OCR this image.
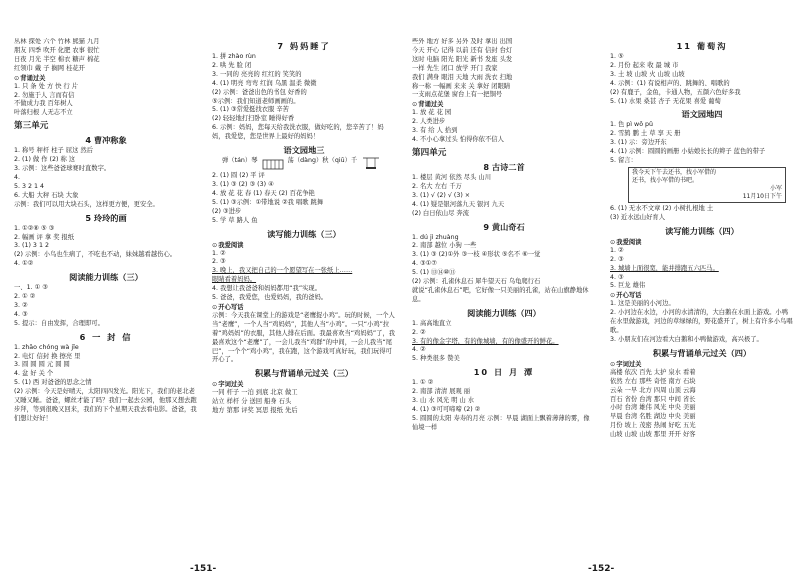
丛林 探处 六个 竹林 熊猫 九月
朋友 四季 吹开 化肥 农事 很忙
日夜 月光 半空 棉衣 糖声 棉花
红领巾 戴 子 搁网 桂花开
⊙ 背诵过关
1. 只 条 处 方 快 行 片
2. 勿施于人 言而有信
不做成力我 百年树人
叶落归根 人无志不立
第三单元
4 曹冲称象
1. 称号 秤杆 柱子 屈这 然后
2. (1) 做 作 (2) 称 这
3. 示例：这些爸爸球赛时直数字。
4.
5. 3 2 1 4
6. 大船 大秤 石块 大象
示例：我们可以用大块石头，这样更方便，更安全。
5 玲玲的画
1. ①②⑧ ⑤ ③
2. 幅画 评 拿 奖 报纸
3. (1) 3 1 2
(2) 示例：小鸟也生病了，不吃也不动，妹妹越看越伤心。
4. ①②
阅读能力训练（三）
一、1. ① ③
2. ① ②
3. ②
4. ③
5. 提示：自由发挥，合理即可。
6 一 封 信
1. zhāo chóng wà jǐe
2. 电灯 信封 换 擦亮 里
3. 圆 圆 圆 元 圆 圆
4. 盆 好 关 个
5. (1) 西 对爸爸的思念之情
(2) 示例：今天是好晴天，太阳四四发光。阳光下，我们的老北老又睡又睡。爸爸，螺丝才能了吗？我们一起去公园，他那又想去跑步拜，等到很晚又回来，我们的下个星期天我去看电影。爸爸，我们想让好好！
7 妈妈睡了
1. 拼 zhào rùn
2. 哄 先 脸 闭
3. 一同的 亮亮的 红红的 笑笑的
4. (1) 明亮 弯弯 红润 乌黑 温柔 微微
(2) 示例：爸爸出色的书包 好香的
⑤示例：我们知道老师画画的。
5. (1) ③常爱挺找衣服 辛苦
(2) 轻轻地打扫卧室 睡得好香
6. 示例：妈妈，您每天给我洗衣服，做好吃的，您辛苦了！妈妈，我爱您，您是世界上最好的妈妈！
语文园地三
弹（tán）琴	荡（dàng）秋（qiū）千
2. (1) 圆 (2) 平 评
3. (1) ③ (2) ③ (3) ④
4. 放 花 花 春 (1) 春天 (2) 百花争艳
5. (1) ③示例：①带地说 ②我 唱歌 跳舞
(2) ③进步
5. 学 草 路人 鱼
读写能力训练（三）
⊙ 我爱阅读
1. ②
2. ③
3. 晚上，我又把自己的一个愿望写在一张纸上……
眼睛看着妈妈。
4. 我想让我爸爸和妈妈都用“我”实现。
5. 爸爸，我爱您，也爱妈妈，我的爸妈。
⊙ 开心写话
示例：今天我在课堂上的游戏是“老鹰捉小鸡”。玩的时候，一个人当“老鹰”，一个人当“鸡妈妈”，其他人当“小鸡”。一只“小鸡”拉着“鸡妈妈”的衣服，其他人排在后面。我最喜欢当“鸡妈妈”了，我最喜欢这个“老鹰”了，一会儿我当“鸡群”的中间，一会儿我当“尾巴”，一个个“鸡小鸡”，我在跑，这个游戏可真好玩，我们玩得可开心了。
积累与背诵单元过关（三）
⊙ 字词过关
一同 杆子 一泊 到底 北京 做工
站立 样杆 分 送回 船身 石头
地方 第那 评奖 冥思 报纸 先后
些外 地方 好多 另外 及时 拿出 出国
今天 开心 记得 以前 还有 信封 台灯
这时 电脑 阳光 阳光 新书 发座 头发
一样 先生 闭口 放学 开门 我家
我们 满身 眼泪 天地 大雨 洗衣 扫地
称一称 一幅画 来来 关 拿好 闭眼睛
一支雨点花堡 窗台上有一把铜号
⊙ 背诵过关
1. 放 花 花 园
2. 人类进步
3. 有 给 人 拾到
4. 不小心拿过头 怕得你依不信人
第四单元
8 古诗二首
1. 楼层 黄河 依然 尽头 山川
2. 名大 左右 千万
3. (1) √ (2) √ (3) ×
4. (1) 疑是银河落九天 银河 九天
(2) 白日依山尽 奔流
9 黄山奇石
1. dú jì zhuàng
2. 南部 越位 小狗 一些
3. (1) ③ (2)①外 ③一枝 ④形状 ⑤名不 ⑥一觉
4. ③①⑦
5. (1) ⑬⑭⑩⑪
(2) 示例：孔雀休息石 犀牛望天石 乌龟爬行石
就说“孔雀休息石”吧，它好像一只美丽的孔雀，站在山旗静地休息。
阅读能力训练（四）
1. 高高地直立
2. ②
3. 有的像金字塔，有的像城墙，有的像盛开的鲜花。
4. ②
5. 种类很多 赞美
10 日 月 潭
1. ① ②
2. 南部 清清 展观 丽
3. 山 水 风光 明 山 水
4. (1) ③可可啼啼 (2) ②
5. 圆圆的太阳 寿寿的月亮 示例：早晨 湖面上飘着薄薄的雾，像仙境一样
11 葡萄沟
1. ⑤
2. 月份 起来 收 最 城 市
3. 土 坡 山坡 火 山坡 山坡
4. 示例：(1) 有说相声的、跳舞的、唱歌的
(2) 有鹿子，金鱼，卡通人物，五颜六色好多我
5. (1) 水果 桑甚 杏子 无花果 喜爱 葡萄
语文园地四
1. 色 pì wō pǔ
2. 雪鸫 鹏 土 草 享 天 册
3. (1) 示：旁边开东
4. (1) 示例：圆圆的画册 小姑娘长长的辫子 蓝色的带子
5. 留言：
我今天下午去还书，找小军借的
还书，找小军借的书吧。
小军
11月10日下午
6. (1) 无水不文章 (2) 小树扎根地 土
(3) 近水远山好育人
读写能力训练（四）
⊙ 我爱阅读
1. ②
2. ③
3. 城墙上面很宽，能并排跑五六匹马。
4. ③
5. 巨龙 雄伟
⊙ 开心写话
1. 这是美丽的小河边。
2. 小河边在水边，小河的水清清的，大白鹅在水面上游戏。小鸭在水里做游戏，河边的草绿绿的，野花盛开了，树上有许多小鸟唱歌。
3. 小朋友们在河边看大白鹅和小鸭做游戏，高兴极了。
积累与背诵单元过关（四）
⊙ 字词过关
高楼 依次 百先 太护 泉水 看着
依然 左右 那些 奇怪 南方 石块
云朵 一早 北方 四周 山顶 云海
百石 省份 台湾 那只 中间 省长
小时 台湾 雄伟 风光 中央 美丽
早晨 台湾 名胜 湖边 中央 美丽
月份 坡上 茂密 热闹 好吃 五光
山坡 山坡 山坡 那里 开开 好客
-151-	-152-
